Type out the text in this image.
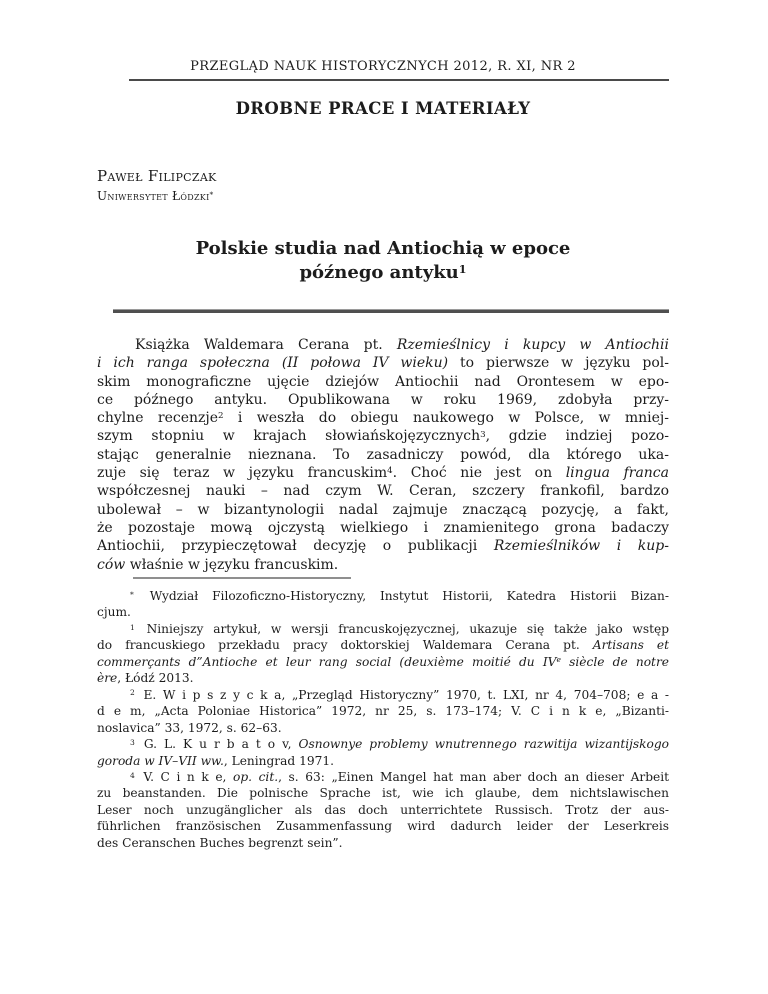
PRZEGLĄD NAUK HISTORYCZNYCH 2012, R. XI, NR 2
DROBNE PRACE I MATERIAŁY
Paweł Filipczak
Uniwersytet Łódzki*
Polskie studia nad Antiochią w epoce
późnego antyku$^1$
Książka Waldemara Cerana pt. Rzemieślnicy i kupcy w Antiochii
i ich ranga społeczna (II połowa IV wieku) to pierwsze w języku pol-
skim monograficzne ujęcie dziejów Antiochii nad Orontesem w epo-
ce późnego antyku. Opublikowana w roku 1969, zdobyła przy-
chylne recenzje$^2$ i weszła do obiegu naukowego w Polsce, w mniej-
szym stopniu w krajach słowiańskojęzycznych$^3$, gdzie indziej pozo-
stając generalnie nieznana. To zasadniczy powód, dla którego uka-
zuje się teraz w języku francuskim$^4$. Choć nie jest on lingua franca
współczesnej nauki – nad czym W. Ceran, szczery frankofil, bardzo
ubolewał – w bizantynologii nadal zajmuje znaczącą pozycję, a fakt,
że pozostaje mową ojczystą wielkiego i znamienitego grona badaczy
Antiochii, przypieczętował decyzję o publikacji Rzemieślników i kup-
ców właśnie w języku francuskim.
* Wydział Filozoficzno-Historyczny, Instytut Historii, Katedra Historii Bizan-
cjum.
$^1$ Niniejszy artykuł, w wersji francuskojęzycznej, ukazuje się także jako wstęp
do francuskiego przekładu pracy doktorskiej Waldemara Cerana pt. Artisans et
commerçants d”Antioche et leur rang social (deuxième moitié du IVe siècle de notre
ère, Łódź 2013.
$^2$ E. W i p s z y c k a, „Przegląd Historyczny” 1970, t. LXI, nr 4, 704–708; e a -
d e m, „Acta Poloniae Historica” 1972, nr 25, s. 173–174; V. C i n k e, „Bizanti-
noslavica” 33, 1972, s. 62–63.
$^3$ G. L. K u r b a t o v, Osnownye problemy wnutrennego razwitija wizantijskogo
goroda w IV–VII ww., Leningrad 1971.
$^4$ V. C i n k e, op. cit., s. 63: „Einen Mangel hat man aber doch an dieser Arbeit
zu beanstanden. Die polnische Sprache ist, wie ich glaube, dem nichtslawischen
Leser noch unzugänglicher als das doch unterrichtete Russisch. Trotz der aus-
führlichen französischen Zusammenfassung wird dadurch leider der Leserkreis
des Ceranschen Buches begrenzt sein”.
